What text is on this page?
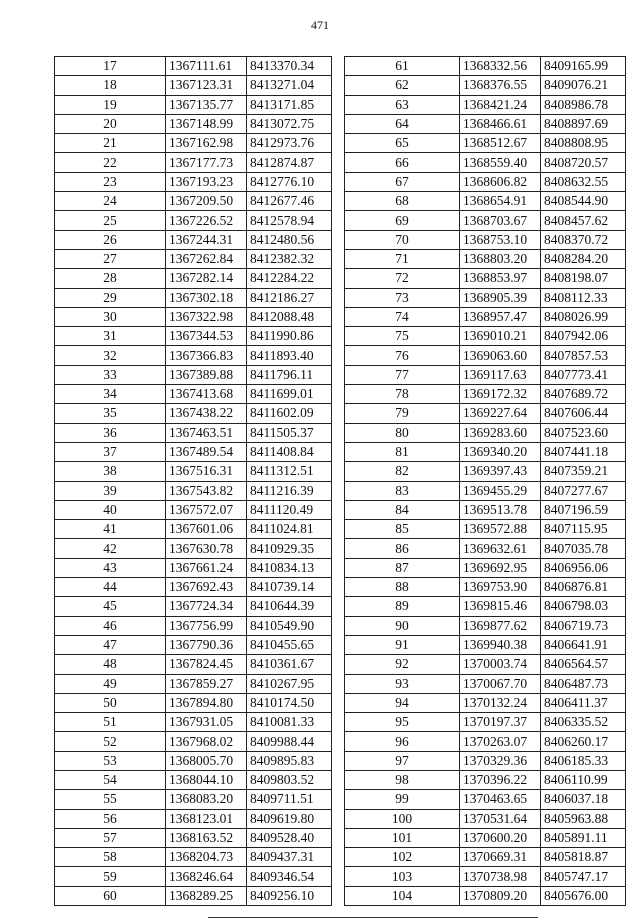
471
17	1367111.61	8413370.34
18	1367123.31	8413271.04
19	1367135.77	8413171.85
20	1367148.99	8413072.75
21	1367162.98	8412973.76
22	1367177.73	8412874.87
23	1367193.23	8412776.10
24	1367209.50	8412677.46
25	1367226.52	8412578.94
26	1367244.31	8412480.56
27	1367262.84	8412382.32
28	1367282.14	8412284.22
29	1367302.18	8412186.27
30	1367322.98	8412088.48
31	1367344.53	8411990.86
32	1367366.83	8411893.40
33	1367389.88	8411796.11
34	1367413.68	8411699.01
35	1367438.22	8411602.09
36	1367463.51	8411505.37
37	1367489.54	8411408.84
38	1367516.31	8411312.51
39	1367543.82	8411216.39
40	1367572.07	8411120.49
41	1367601.06	8411024.81
42	1367630.78	8410929.35
43	1367661.24	8410834.13
44	1367692.43	8410739.14
45	1367724.34	8410644.39
46	1367756.99	8410549.90
47	1367790.36	8410455.65
48	1367824.45	8410361.67
49	1367859.27	8410267.95
50	1367894.80	8410174.50
51	1367931.05	8410081.33
52	1367968.02	8409988.44
53	1368005.70	8409895.83
54	1368044.10	8409803.52
55	1368083.20	8409711.51
56	1368123.01	8409619.80
57	1368163.52	8409528.40
58	1368204.73	8409437.31
59	1368246.64	8409346.54
60	1368289.25	8409256.10
61	1368332.56	8409165.99
62	1368376.55	8409076.21
63	1368421.24	8408986.78
64	1368466.61	8408897.69
65	1368512.67	8408808.95
66	1368559.40	8408720.57
67	1368606.82	8408632.55
68	1368654.91	8408544.90
69	1368703.67	8408457.62
70	1368753.10	8408370.72
71	1368803.20	8408284.20
72	1368853.97	8408198.07
73	1368905.39	8408112.33
74	1368957.47	8408026.99
75	1369010.21	8407942.06
76	1369063.60	8407857.53
77	1369117.63	8407773.41
78	1369172.32	8407689.72
79	1369227.64	8407606.44
80	1369283.60	8407523.60
81	1369340.20	8407441.18
82	1369397.43	8407359.21
83	1369455.29	8407277.67
84	1369513.78	8407196.59
85	1369572.88	8407115.95
86	1369632.61	8407035.78
87	1369692.95	8406956.06
88	1369753.90	8406876.81
89	1369815.46	8406798.03
90	1369877.62	8406719.73
91	1369940.38	8406641.91
92	1370003.74	8406564.57
93	1370067.70	8406487.73
94	1370132.24	8406411.37
95	1370197.37	8406335.52
96	1370263.07	8406260.17
97	1370329.36	8406185.33
98	1370396.22	8406110.99
99	1370463.65	8406037.18
100	1370531.64	8405963.88
101	1370600.20	8405891.11
102	1370669.31	8405818.87
103	1370738.98	8405747.17
104	1370809.20	8405676.00
